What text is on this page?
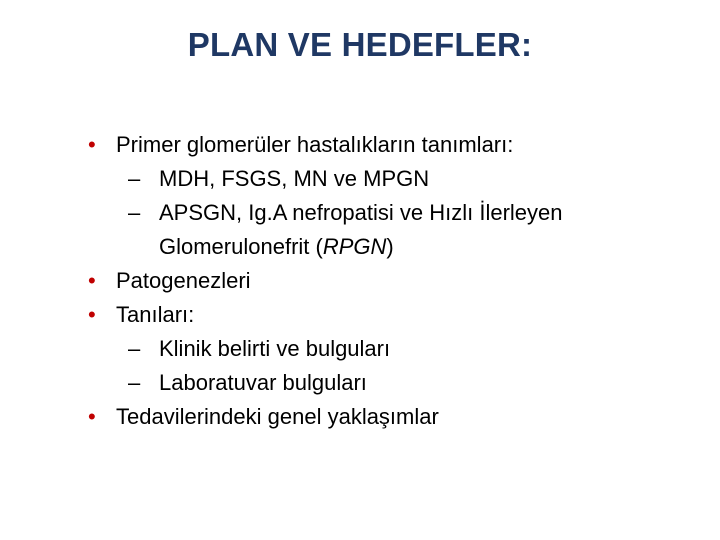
PLAN VE HEDEFLER:
• Primer glomerüler hastalıkların tanımları:
– MDH, FSGS, MN ve MPGN
– APSGN, Ig.A nefropatisi ve Hızlı İlerleyen
Glomerulonefrit (RPGN)
• Patogenezleri
• Tanıları:
– Klinik belirti ve bulguları
– Laboratuvar bulguları
• Tedavilerindeki genel yaklaşımlar
